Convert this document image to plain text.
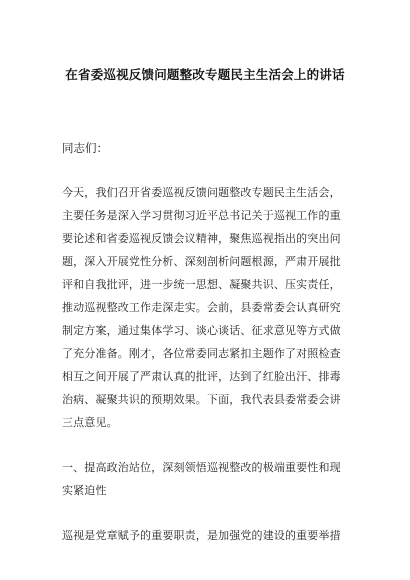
在省委巡视反馈问题整改专题民主生活会上的讲话
同志们：
今天，我们召开省委巡视反馈问题整改专题民主生活会，
主要任务是深入学习贯彻习近平总书记关于巡视工作的重
要论述和省委巡视反馈会议精神，聚焦巡视指出的突出问
题，深入开展党性分析、深刻剖析问题根源，严肃开展批
评和自我批评，进一步统一思想、凝聚共识、压实责任，
推动巡视整改工作走深走实。会前，县委常委会认真研究
制定方案，通过集体学习、谈心谈话、征求意见等方式做
了充分准备。刚才，各位常委同志紧扣主题作了对照检查
相互之间开展了严肃认真的批评，达到了红脸出汗、排毒
治病、凝聚共识的预期效果。下面，我代表县委常委会讲
三点意见。
一、提高政治站位，深刻领悟巡视整改的极端重要性和现
实紧迫性
巡视是党章赋予的重要职责，是加强党的建设的重要举措
